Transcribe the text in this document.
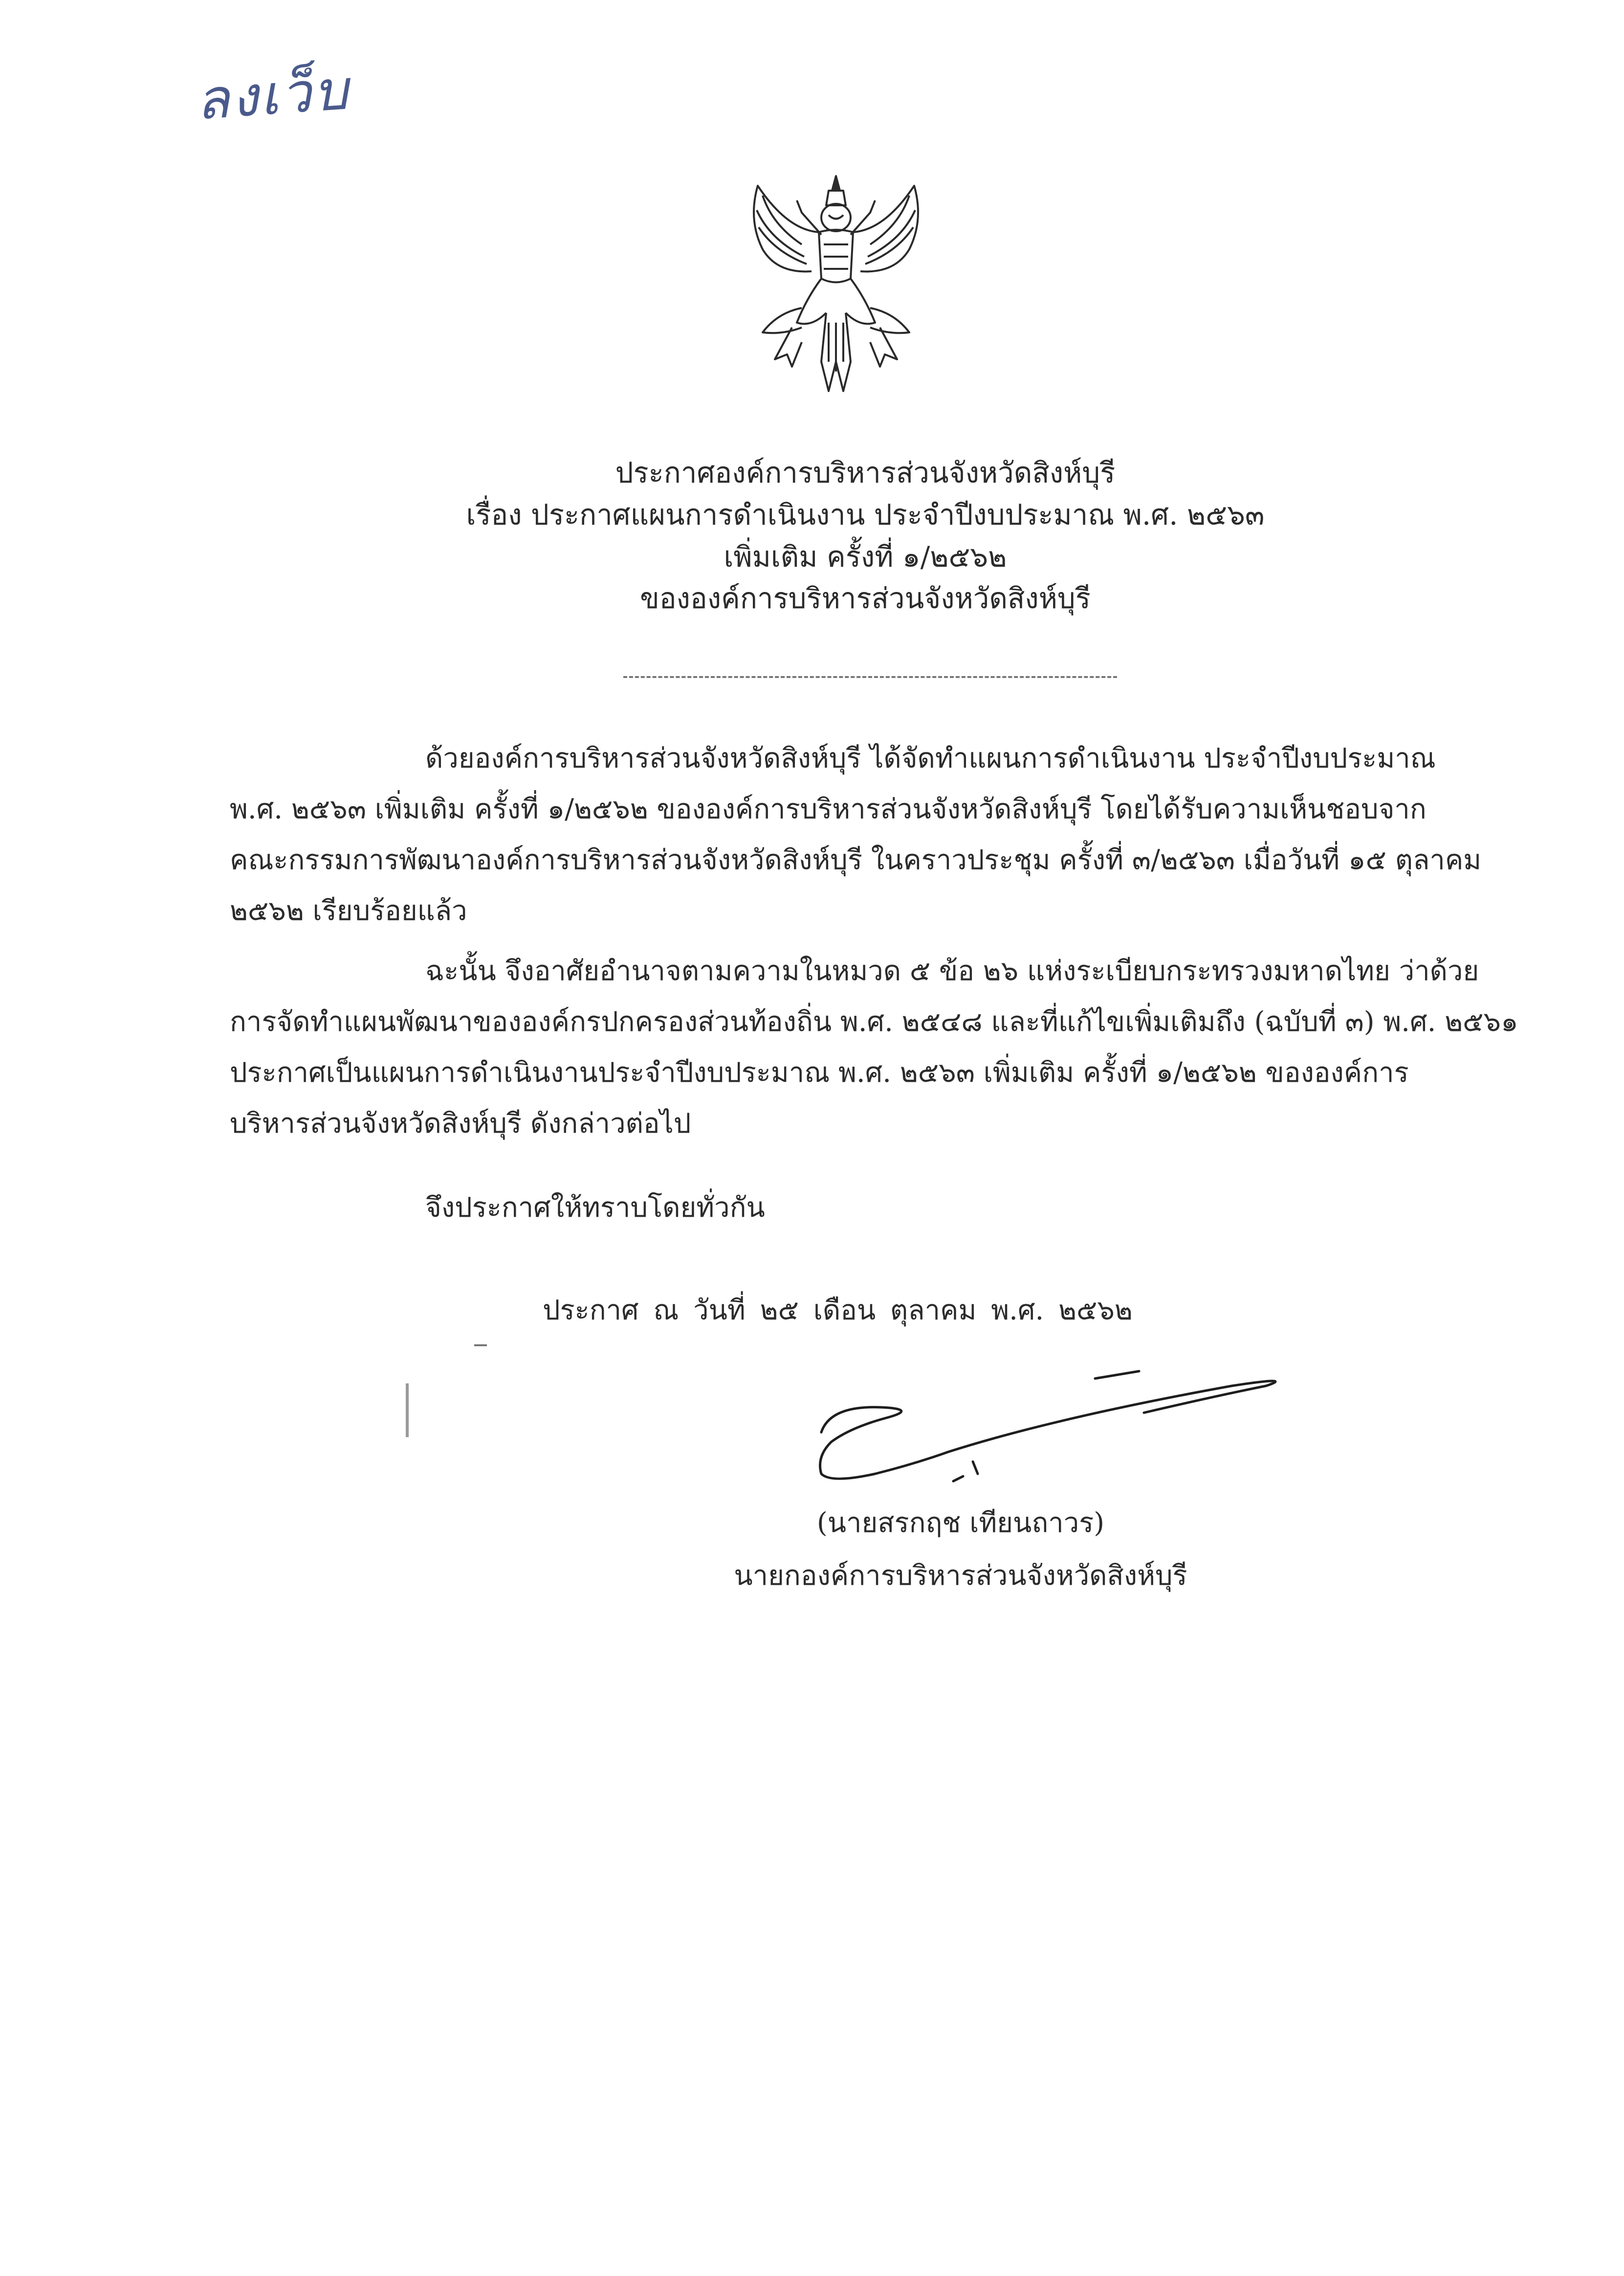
ลงเว็บ
ประกาศองค์การบริหารส่วนจังหวัดสิงห์บุรี
เรื่อง ประกาศแผนการดำเนินงาน ประจำปีงบประมาณ พ.ศ. ๒๕๖๓
เพิ่มเติม ครั้งที่ ๑/๒๕๖๒
ขององค์การบริหารส่วนจังหวัดสิงห์บุรี
ด้วยองค์การบริหารส่วนจังหวัดสิงห์บุรี ได้จัดทำแผนการดำเนินงาน ประจำปีงบประมาณ
พ.ศ. ๒๕๖๓ เพิ่มเติม ครั้งที่ ๑/๒๕๖๒ ขององค์การบริหารส่วนจังหวัดสิงห์บุรี โดยได้รับความเห็นชอบจาก
คณะกรรมการพัฒนาองค์การบริหารส่วนจังหวัดสิงห์บุรี ในคราวประชุม ครั้งที่ ๓/๒๕๖๓ เมื่อวันที่ ๑๕ ตุลาคม
๒๕๖๒ เรียบร้อยแล้ว
ฉะนั้น จึงอาศัยอำนาจตามความในหมวด ๕ ข้อ ๒๖ แห่งระเบียบกระทรวงมหาดไทย ว่าด้วย
การจัดทำแผนพัฒนาขององค์กรปกครองส่วนท้องถิ่น พ.ศ. ๒๕๔๘ และที่แก้ไขเพิ่มเติมถึง (ฉบับที่ ๓) พ.ศ. ๒๕๖๑
ประกาศเป็นแผนการดำเนินงานประจำปีงบประมาณ พ.ศ. ๒๕๖๓ เพิ่มเติม ครั้งที่ ๑/๒๕๖๒ ขององค์การ
บริหารส่วนจังหวัดสิงห์บุรี ดังกล่าวต่อไป
จึงประกาศให้ทราบโดยทั่วกัน
ประกาศ ณ วันที่ ๒๕ เดือน ตุลาคม พ.ศ. ๒๕๖๒
(นายสรกฤช เทียนถาวร)
นายกองค์การบริหารส่วนจังหวัดสิงห์บุรี
